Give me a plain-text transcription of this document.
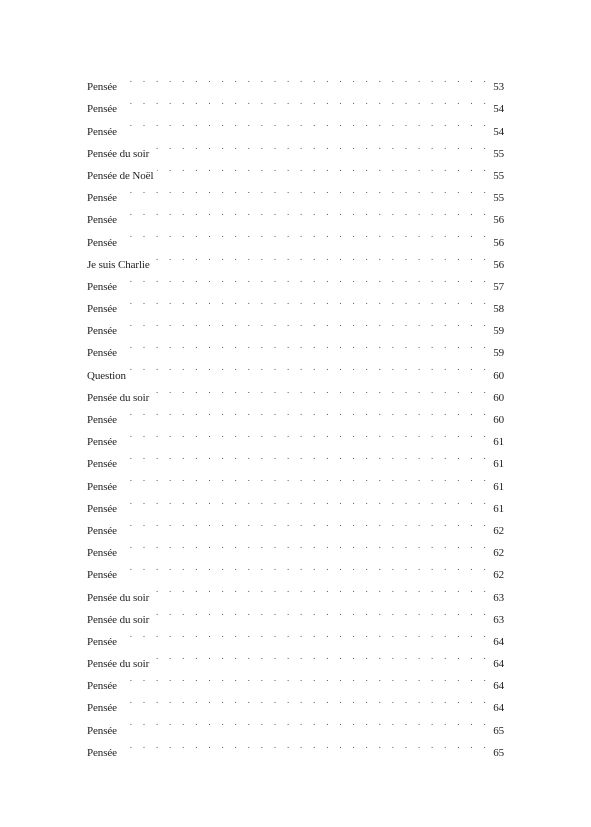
Pensée . . .	53
Pensée . . .	54
Pensée . . .	54
Pensée du soir . . .	55
Pensée de Noël . . .	55
Pensée . . .	55
Pensée . . .	56
Pensée . . .	56
Je suis Charlie . . .	56
Pensée . . .	57
Pensée . . .	58
Pensée . . .	59
Pensée . . .	59
Question . . .	60
Pensée du soir . . .	60
Pensée . . .	60
Pensée . . .	61
Pensée . . .	61
Pensée . . .	61
Pensée . . .	61
Pensée . . .	62
Pensée . . .	62
Pensée . . .	62
Pensée du soir . . .	63
Pensée du soir . . .	63
Pensée . . .	64
Pensée du soir . . .	64
Pensée . . .	64
Pensée . . .	64
Pensée . . .	65
Pensée . . .	65
